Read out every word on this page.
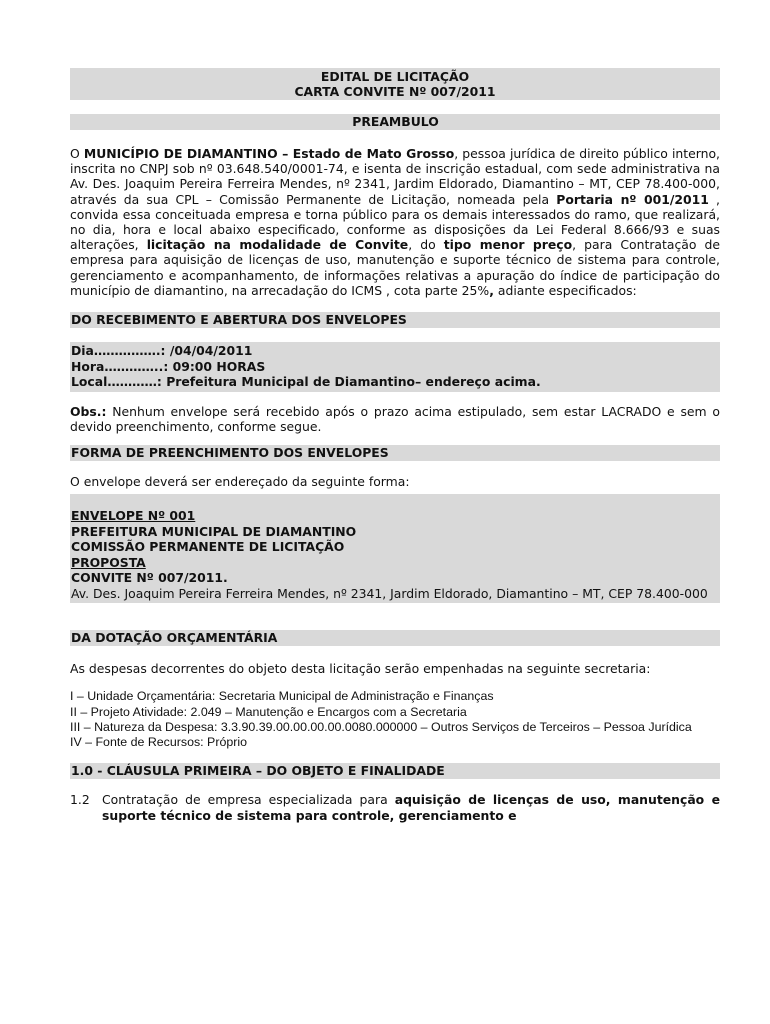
EDITAL DE LICITAÇÃO
CARTA CONVITE Nº 007/2011
PREAMBULO

O MUNICÍPIO DE DIAMANTINO – Estado de Mato Grosso, pessoa jurídica de direito público interno, inscrita no CNPJ sob nº 03.648.540/0001-74, e isenta de inscrição estadual, com sede administrativa na Av. Des. Joaquim Pereira Ferreira Mendes, nº 2341, Jardim Eldorado, Diamantino – MT, CEP 78.400-000, através da sua CPL – Comissão Permanente de Licitação, nomeada pela Portaria nº 001/2011 , convida essa conceituada empresa e torna público para os demais interessados do ramo, que realizará, no dia, hora e local abaixo especificado, conforme as disposições da Lei Federal 8.666/93 e suas alterações, licitação na modalidade de Convite, do tipo menor preço, para Contratação de empresa para aquisição de licenças de uso, manutenção e suporte técnico de sistema para controle, gerenciamento e acompanhamento, de informações relativas a apuração do índice de participação do município de diamantino, na arrecadação do ICMS , cota parte 25%, adiante especificados:

DO RECEBIMENTO E ABERTURA DOS ENVELOPES
Dia…………….: /04/04/2011
Hora…………..: 09:00 HORAS
Local…………: Prefeitura Municipal de Diamantino– endereço acima.

Obs.: Nenhum envelope será recebido após o prazo acima estipulado, sem estar LACRADO e sem o devido preenchimento, conforme segue.

FORMA DE PREENCHIMENTO DOS ENVELOPES

O envelope deverá ser endereçado da seguinte forma:

ENVELOPE Nº 001
PREFEITURA MUNICIPAL DE DIAMANTINO
COMISSÃO PERMANENTE DE LICITAÇÃO
PROPOSTA
CONVITE Nº 007/2011.
Av. Des. Joaquim Pereira Ferreira Mendes, nº 2341, Jardim Eldorado, Diamantino – MT, CEP 78.400-000
DA DOTAÇÃO ORÇAMENTÁRIA

As despesas decorrentes do objeto desta licitação serão empenhadas na seguinte secretaria:

I – Unidade Orçamentária: Secretaria Municipal de Administração e Finanças
II – Projeto Atividade: 2.049 – Manutenção e Encargos com a Secretaria
III – Natureza da Despesa: 3.3.90.39.00.00.00.00.0080.000000 – Outros Serviços de Terceiros – Pessoa Jurídica
IV – Fonte de Recursos: Próprio
1.0 - CLÁUSULA PRIMEIRA – DO OBJETO E FINALIDADE
1.2 Contratação de empresa especializada para aquisição de licenças de uso, manutenção e suporte técnico de sistema para controle, gerenciamento e
